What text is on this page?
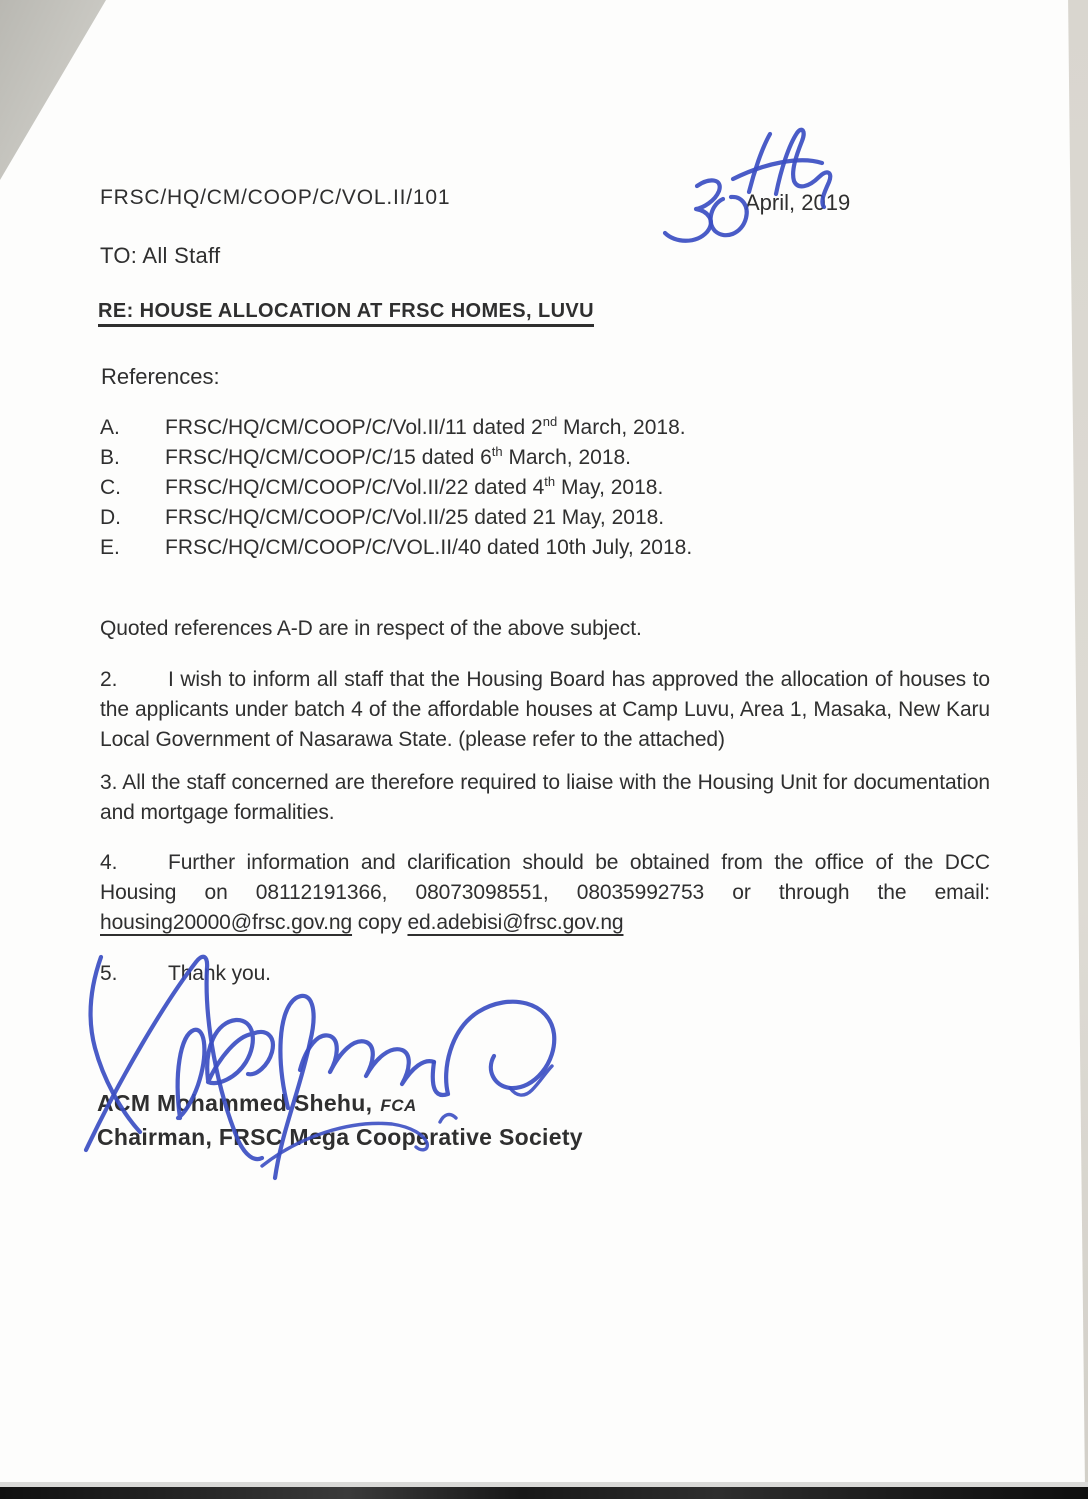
FRSC/HQ/CM/COOP/C/VOL.II/101	April, 2019
TO: All Staff
RE: HOUSE ALLOCATION AT FRSC HOMES, LUVU
References:
A.	FRSC/HQ/CM/COOP/C/Vol.II/11 dated 2nd March, 2018.
B.	FRSC/HQ/CM/COOP/C/15 dated 6th March, 2018.
C.	FRSC/HQ/CM/COOP/C/Vol.II/22 dated 4th May, 2018.
D.	FRSC/HQ/CM/COOP/C/Vol.II/25 dated 21 May, 2018.
E.	FRSC/HQ/CM/COOP/C/VOL.II/40 dated 10th July, 2018.
Quoted references A-D are in respect of the above subject.
2. I wish to inform all staff that the Housing Board has approved the allocation of houses to the applicants under batch 4 of the affordable houses at Camp Luvu, Area 1, Masaka, New Karu Local Government of Nasarawa State. (please refer to the attached)
3. All the staff concerned are therefore required to liaise with the Housing Unit for documentation and mortgage formalities.
4. Further information and clarification should be obtained from the office of the DCC Housing on 08112191366, 08073098551, 08035992753 or through the email: housing20000@frsc.gov.ng copy ed.adebisi@frsc.gov.ng
5. Thank you.
ACM Mohammed Shehu, FCA
Chairman, FRSC Mega Cooperative Society
